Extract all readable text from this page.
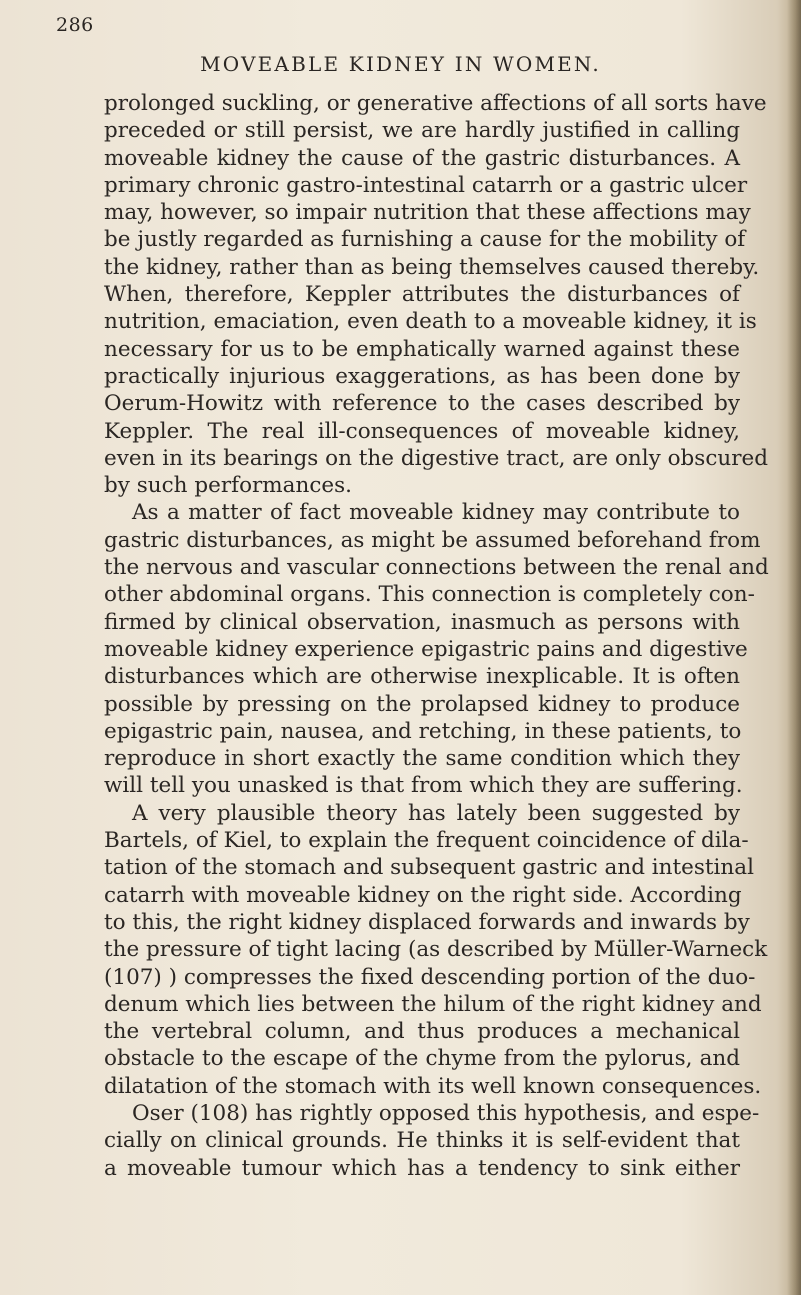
286
MOVEABLE KIDNEY IN WOMEN.
prolonged suckling, or generative affections of all sorts have
preceded or still persist, we are hardly justified in calling
moveable kidney the cause of the gastric disturbances. A
primary chronic gastro-intestinal catarrh or a gastric ulcer
may, however, so impair nutrition that these affections may
be justly regarded as furnishing a cause for the mobility of
the kidney, rather than as being themselves caused thereby.
When, therefore, Keppler attributes the disturbances of
nutrition, emaciation, even death to a moveable kidney, it is
necessary for us to be emphatically warned against these
practically injurious exaggerations, as has been done by
Oerum-Howitz with reference to the cases described by
Keppler. The real ill-consequences of moveable kidney,
even in its bearings on the digestive tract, are only obscured
by such performances.
As a matter of fact moveable kidney may contribute to
gastric disturbances, as might be assumed beforehand from
the nervous and vascular connections between the renal and
other abdominal organs. This connection is completely con-
firmed by clinical observation, inasmuch as persons with
moveable kidney experience epigastric pains and digestive
disturbances which are otherwise inexplicable. It is often
possible by pressing on the prolapsed kidney to produce
epigastric pain, nausea, and retching, in these patients, to
reproduce in short exactly the same condition which they
will tell you unasked is that from which they are suffering.
A very plausible theory has lately been suggested by
Bartels, of Kiel, to explain the frequent coincidence of dila-
tation of the stomach and subsequent gastric and intestinal
catarrh with moveable kidney on the right side. According
to this, the right kidney displaced forwards and inwards by
the pressure of tight lacing (as described by Müller-Warneck
(107) ) compresses the fixed descending portion of the duo-
denum which lies between the hilum of the right kidney and
the vertebral column, and thus produces a mechanical
obstacle to the escape of the chyme from the pylorus, and
dilatation of the stomach with its well known consequences.
Oser (108) has rightly opposed this hypothesis, and espe-
cially on clinical grounds. He thinks it is self-evident that
a moveable tumour which has a tendency to sink either
